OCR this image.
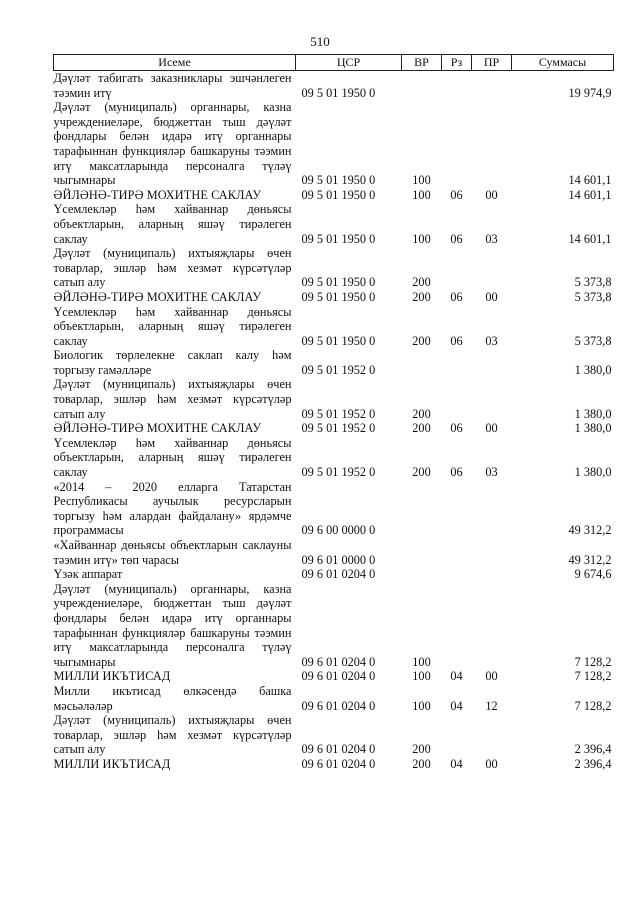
510
Исеме	ЦСР	ВР	Рз	ПР	Суммасы
Дәүләт табигать заказниклары эшчәнлеген тәэмин итү	09 5 01 1950 0				19 974,9
Дәүләт (муниципаль) органнары, казна учреждениеләре, бюджеттан тыш дәүләт фондлары белән идарә итү органнары тарафыннан функцияләр башкаруны тәэмин итү максатларында персоналга түләү чыгымнары	09 5 01 1950 0	100			14 601,1
ӘЙЛӘНӘ-ТИРӘ МОХИТНЕ САКЛАУ	09 5 01 1950 0	100	06	00	14 601,1
Үсемлекләр һәм хайваннар дөньясы объектларын, аларның яшәү тирәлеген саклау	09 5 01 1950 0	100	06	03	14 601,1
Дәүләт (муниципаль) ихтыяҗлары өчен товарлар, эшләр һәм хезмәт күрсәтүләр сатып алу	09 5 01 1950 0	200			5 373,8
ӘЙЛӘНӘ-ТИРӘ МОХИТНЕ САКЛАУ	09 5 01 1950 0	200	06	00	5 373,8
Үсемлекләр һәм хайваннар дөньясы объектларын, аларның яшәү тирәлеген саклау	09 5 01 1950 0	200	06	03	5 373,8
Биологик төрлелекне саклап калу һәм торгызу гамәлләре	09 5 01 1952 0				1 380,0
Дәүләт (муниципаль) ихтыяҗлары өчен товарлар, эшләр һәм хезмәт күрсәтүләр сатып алу	09 5 01 1952 0	200			1 380,0
ӘЙЛӘНӘ-ТИРӘ МОХИТНЕ САКЛАУ	09 5 01 1952 0	200	06	00	1 380,0
Үсемлекләр һәм хайваннар дөньясы объектларын, аларның яшәү тирәлеген саклау	09 5 01 1952 0	200	06	03	1 380,0
«2014 – 2020 елларга Татарстан Республикасы аучылык ресурсларын торгызу һәм алардан файдалану» ярдәмче программасы	09 6 00 0000 0				49 312,2
«Хайваннар дөньясы объектларын саклауны тәэмин итү» төп чарасы	09 6 01 0000 0				49 312,2
Үзәк аппарат	09 6 01 0204 0				9 674,6
Дәүләт (муниципаль) органнары, казна учреждениеләре, бюджеттан тыш дәүләт фондлары белән идарә итү органнары тарафыннан функцияләр башкаруны тәэмин итү максатларында персоналга түләү чыгымнары	09 6 01 0204 0	100			7 128,2
МИЛЛИ ИКЪТИСАД	09 6 01 0204 0	100	04	00	7 128,2
Милли икътисад өлкәсендә башка мәсьәләләр	09 6 01 0204 0	100	04	12	7 128,2
Дәүләт (муниципаль) ихтыяҗлары өчен товарлар, эшләр һәм хезмәт күрсәтүләр сатып алу	09 6 01 0204 0	200			2 396,4
МИЛЛИ ИКЪТИСАД	09 6 01 0204 0	200	04	00	2 396,4
